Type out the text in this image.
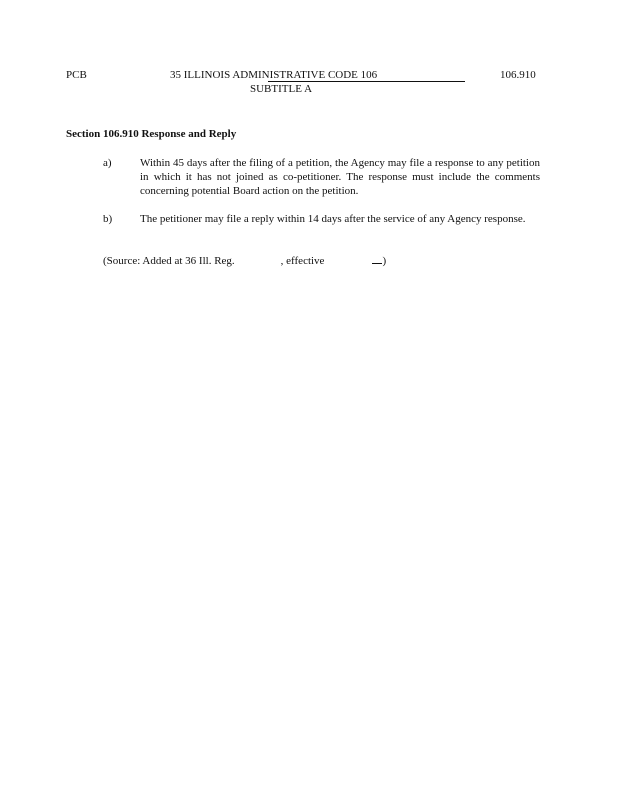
PCB	35 ILLINOIS ADMINISTRATIVE CODE 106	106.910
SUBTITLE A
Section 106.910 Response and Reply
a)	Within 45 days after the filing of a petition, the Agency may file a response to any petition in which it has not joined as co-petitioner. The response must include the comments concerning potential Board action on the petition.
b)	The petitioner may file a reply within 14 days after the service of any Agency response.
(Source: Added at 36 Ill. Reg.	, effective	)
